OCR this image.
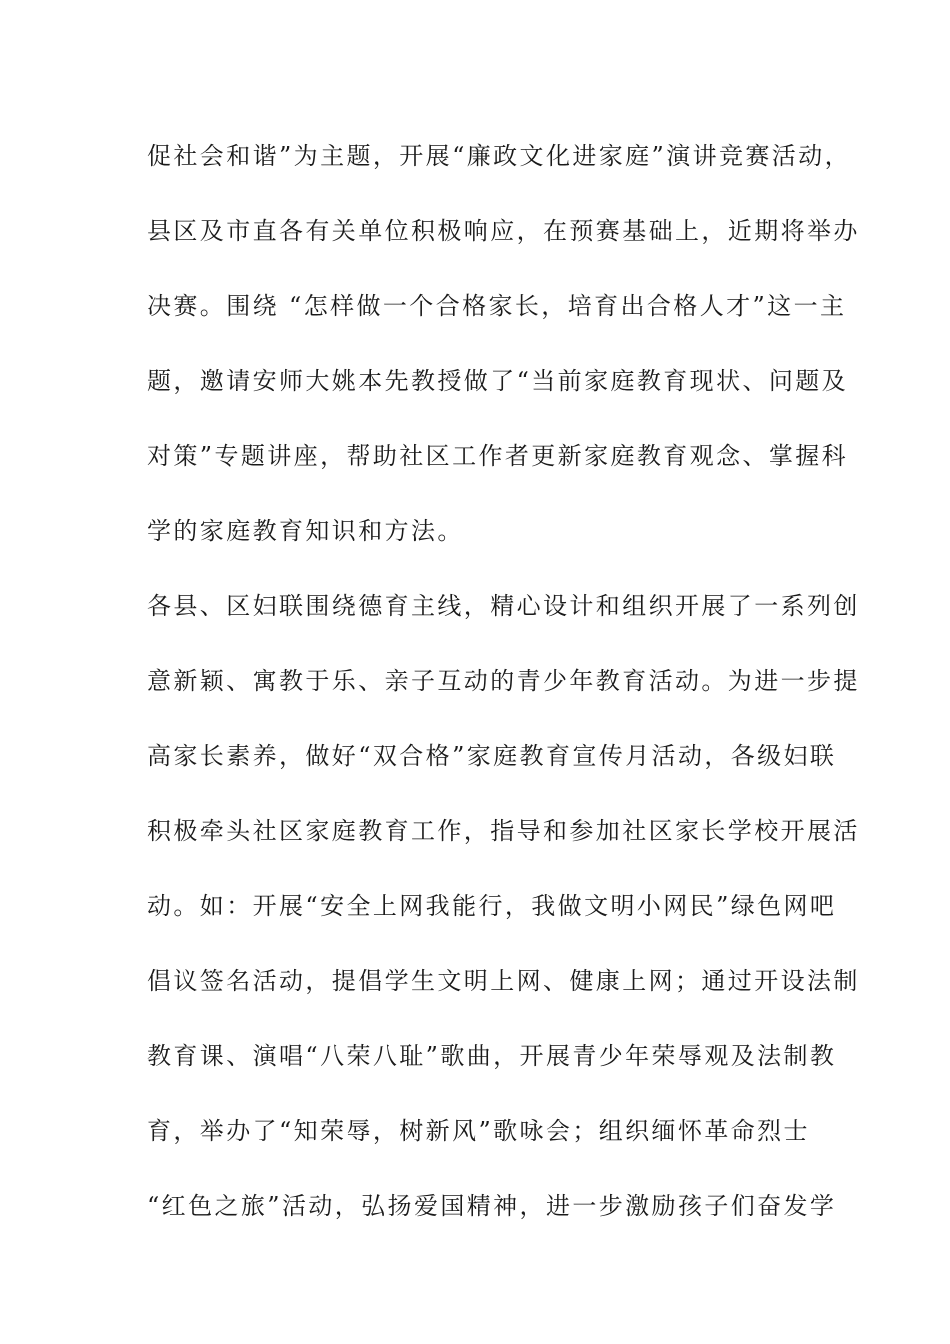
促社会和谐”为主题，开展“廉政文化进家庭”演讲竞赛活动，
县区及市直各有关单位积极响应，在预赛基础上，近期将举办
决赛。围绕 “怎样做一个合格家长，培育出合格人才”这一主
题，邀请安师大姚本先教授做了“当前家庭教育现状、问题及
对策”专题讲座，帮助社区工作者更新家庭教育观念、掌握科
学的家庭教育知识和方法。
各县、区妇联围绕德育主线，精心设计和组织开展了一系列创
意新颖、寓教于乐、亲子互动的青少年教育活动。为进一步提
高家长素养，做好“双合格”家庭教育宣传月活动，各级妇联
积极牵头社区家庭教育工作，指导和参加社区家长学校开展活
动。如：开展“安全上网我能行，我做文明小网民”绿色网吧
倡议签名活动，提倡学生文明上网、健康上网；通过开设法制
教育课、演唱“八荣八耻”歌曲，开展青少年荣辱观及法制教
育，举办了“知荣辱，树新风”歌咏会；组织缅怀革命烈士
“红色之旅”活动，弘扬爱国精神，进一步激励孩子们奋发学
